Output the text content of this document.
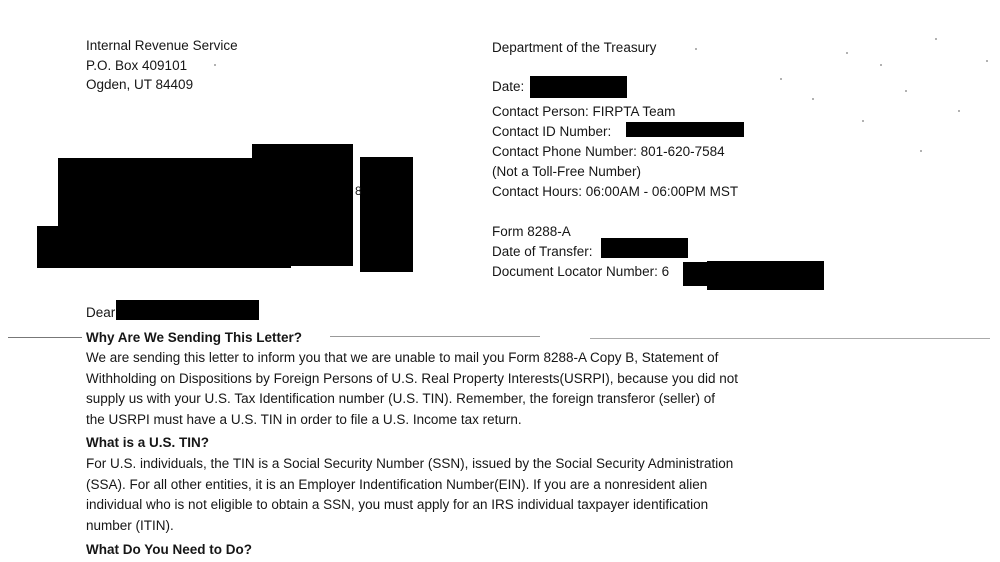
Internal Revenue Service
P.O. Box 409101
Ogden, UT 84409
Department of the Treasury
Date:
Contact Person: FIRPTA Team
Contact ID Number:
Contact Phone Number: 801-620-7584
(Not a Toll-Free Number)
Contact Hours: 06:00AM - 06:00PM MST
Form 8288-A
Date of Transfer:
Document Locator Number: 6
8
Dear
Why Are We Sending This Letter?
We are sending this letter to inform you that we are unable to mail you Form 8288-A Copy B, Statement of
Withholding on Dispositions by Foreign Persons of U.S. Real Property Interests(USRPI), because you did not
supply us with your U.S. Tax Identification number (U.S. TIN). Remember, the foreign transferor (seller) of
the USRPI must have a U.S. TIN in order to file a U.S. Income tax return.
What is a U.S. TIN?
For U.S. individuals, the TIN is a Social Security Number (SSN), issued by the Social Security Administration
(SSA). For all other entities, it is an Employer Indentification Number(EIN). If you are a nonresident alien
individual who is not eligible to obtain a SSN, you must apply for an IRS individual taxpayer identification
number (ITIN).
What Do You Need to Do?
